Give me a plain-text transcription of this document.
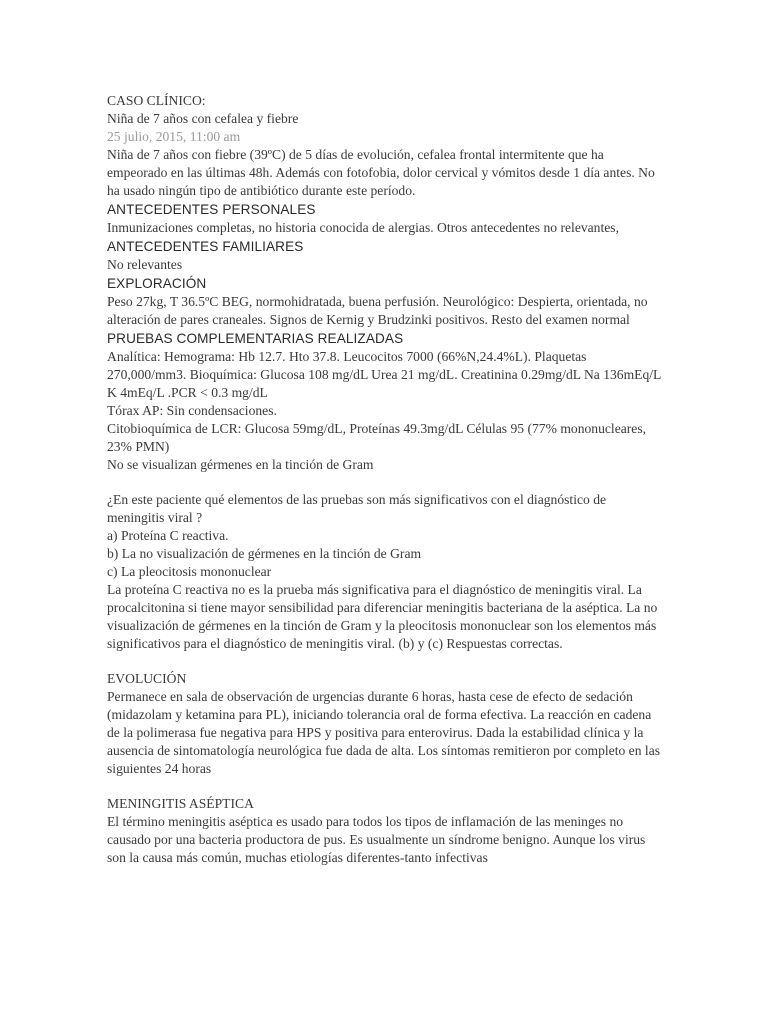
CASO CLÍNICO:

Niña de 7 años con cefalea y fiebre

25 julio, 2015, 11:00 am

Niña de 7 años con fiebre (39ºC) de 5 días de evolución, cefalea frontal intermitente que ha empeorado en las últimas 48h. Además con fotofobia, dolor cervical y vómitos desde 1 día antes. No ha usado ningún tipo de antibiótico durante este período.

ANTECEDENTES PERSONALES

Inmunizaciones completas, no historia conocida de alergias. Otros antecedentes no relevantes,

ANTECEDENTES FAMILIARES

No relevantes

EXPLORACIÓN

Peso 27kg, T 36.5ºC BEG, normohidratada, buena perfusión. Neurológico: Despierta, orientada, no alteración de pares craneales. Signos de Kernig y Brudzinki positivos. Resto del examen normal

PRUEBAS COMPLEMENTARIAS REALIZADAS

Analítica: Hemograma: Hb 12.7. Hto 37.8. Leucocitos 7000 (66%N,24.4%L). Plaquetas 270,000/mm3. Bioquímica: Glucosa 108 mg/dL Urea 21 mg/dL. Creatinina 0.29mg/dL Na 136mEq/L K 4mEq/L .PCR < 0.3 mg/dL

Tórax AP: Sin condensaciones.

Citobioquímica de LCR: Glucosa 59mg/dL, Proteínas 49.3mg/dL Células 95 (77% mononucleares, 23% PMN)

No se visualizan gérmenes en la tinción de Gram

¿En este paciente qué elementos de las pruebas son más significativos con el diagnóstico de meningitis viral ?

a) Proteína C reactiva.

b) La no visualización de gérmenes en la tinción de Gram

c) La pleocitosis mononuclear

La proteína C reactiva no es la prueba más significativa para el diagnóstico de meningitis viral. La procalcitonina si tiene mayor sensibilidad para diferenciar meningitis bacteriana de la aséptica. La no visualización de gérmenes en la tinción de Gram y la pleocitosis mononuclear son los elementos más significativos para el diagnóstico de meningitis viral. (b) y (c) Respuestas correctas.

EVOLUCIÓN

Permanece en sala de observación de urgencias durante 6 horas, hasta cese de efecto de sedación (midazolam y ketamina para PL), iniciando tolerancia oral de forma efectiva. La reacción en cadena de la polimerasa fue negativa para HPS y positiva para enterovirus. Dada la estabilidad clínica y la ausencia de sintomatología neurológica fue dada de alta. Los síntomas remitieron por completo en las siguientes 24 horas

MENINGITIS ASÉPTICA

El término meningitis aséptica es usado para todos los tipos de inflamación de las meninges no causado por una bacteria productora de pus. Es usualmente un síndrome benigno. Aunque los virus son la causa más común, muchas etiologías diferentes-tanto infectivas
